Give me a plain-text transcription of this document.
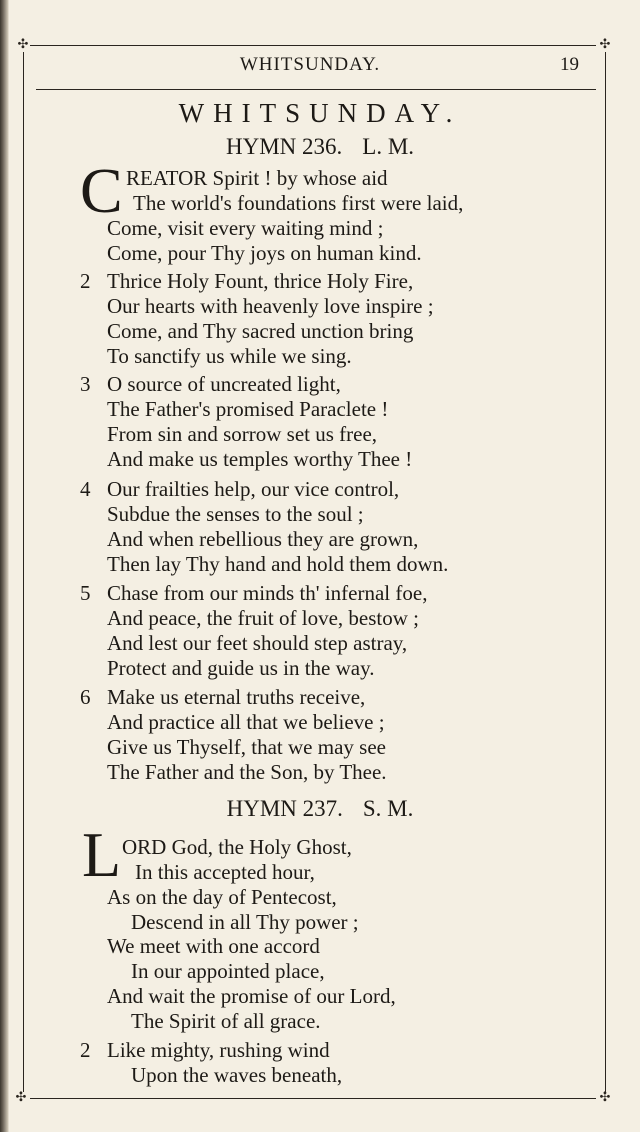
✣	✣
WHITSUNDAY.	19
✣	✣
WHITSUNDAY.
HYMN 236. L. M.
C REATOR Spirit ! by whose aid
The world's foundations first were laid,
Come, visit every waiting mind ;
Come, pour Thy joys on human kind.
2 Thrice Holy Fount, thrice Holy Fire,
Our hearts with heavenly love inspire ;
Come, and Thy sacred unction bring
To sanctify us while we sing.
3 O source of uncreated light,
The Father's promised Paraclete !
From sin and sorrow set us free,
And make us temples worthy Thee !
4 Our frailties help, our vice control,
Subdue the senses to the soul ;
And when rebellious they are grown,
Then lay Thy hand and hold them down.
5 Chase from our minds th' infernal foe,
And peace, the fruit of love, bestow ;
And lest our feet should step astray,
Protect and guide us in the way.
6 Make us eternal truths receive,
And practice all that we believe ;
Give us Thyself, that we may see
The Father and the Son, by Thee.
HYMN 237. S. M.
L ORD God, the Holy Ghost,
In this accepted hour,
As on the day of Pentecost,
Descend in all Thy power ;
We meet with one accord
In our appointed place,
And wait the promise of our Lord,
The Spirit of all grace.
2 Like mighty, rushing wind
Upon the waves beneath,
